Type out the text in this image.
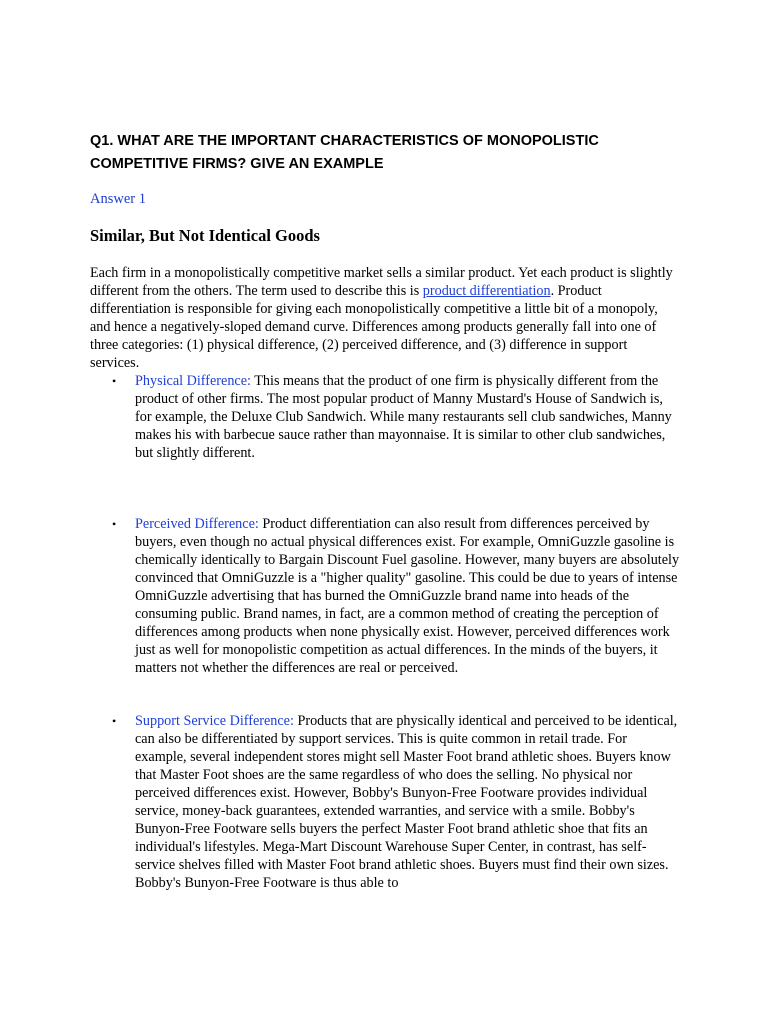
Q1. WHAT ARE THE IMPORTANT CHARACTERISTICS OF MONOPOLISTIC COMPETITIVE FIRMS? GIVE AN EXAMPLE

Answer 1

Similar, But Not Identical Goods

Each firm in a monopolistically competitive market sells a similar product. Yet each product is slightly different from the others. The term used to describe this is product differentiation. Product differentiation is responsible for giving each monopolistically competitive a little bit of a monopoly, and hence a negatively-sloped demand curve. Differences among products generally fall into one of three categories: (1) physical difference, (2) perceived difference, and (3) difference in support services.

• Physical Difference: This means that the product of one firm is physically different from the product of other firms. The most popular product of Manny Mustard's House of Sandwich is, for example, the Deluxe Club Sandwich. While many restaurants sell club sandwiches, Manny makes his with barbecue sauce rather than mayonnaise. It is similar to other club sandwiches, but slightly different.
• Perceived Difference: Product differentiation can also result from differences perceived by buyers, even though no actual physical differences exist. For example, OmniGuzzle gasoline is chemically identically to Bargain Discount Fuel gasoline. However, many buyers are absolutely convinced that OmniGuzzle is a "higher quality" gasoline. This could be due to years of intense OmniGuzzle advertising that has burned the OmniGuzzle brand name into heads of the consuming public. Brand names, in fact, are a common method of creating the perception of differences among products when none physically exist. However, perceived differences work just as well for monopolistic competition as actual differences. In the minds of the buyers, it matters not whether the differences are real or perceived.
• Support Service Difference: Products that are physically identical and perceived to be identical, can also be differentiated by support services. This is quite common in retail trade. For example, several independent stores might sell Master Foot brand athletic shoes. Buyers know that Master Foot shoes are the same regardless of who does the selling. No physical nor perceived differences exist. However, Bobby's Bunyon-Free Footware provides individual service, money-back guarantees, extended warranties, and service with a smile. Bobby's Bunyon-Free Footware sells buyers the perfect Master Foot brand athletic shoe that fits an individual's lifestyles. Mega-Mart Discount Warehouse Super Center, in contrast, has self-service shelves filled with Master Foot brand athletic shoes. Buyers must find their own sizes. Bobby's Bunyon-Free Footware is thus able to
